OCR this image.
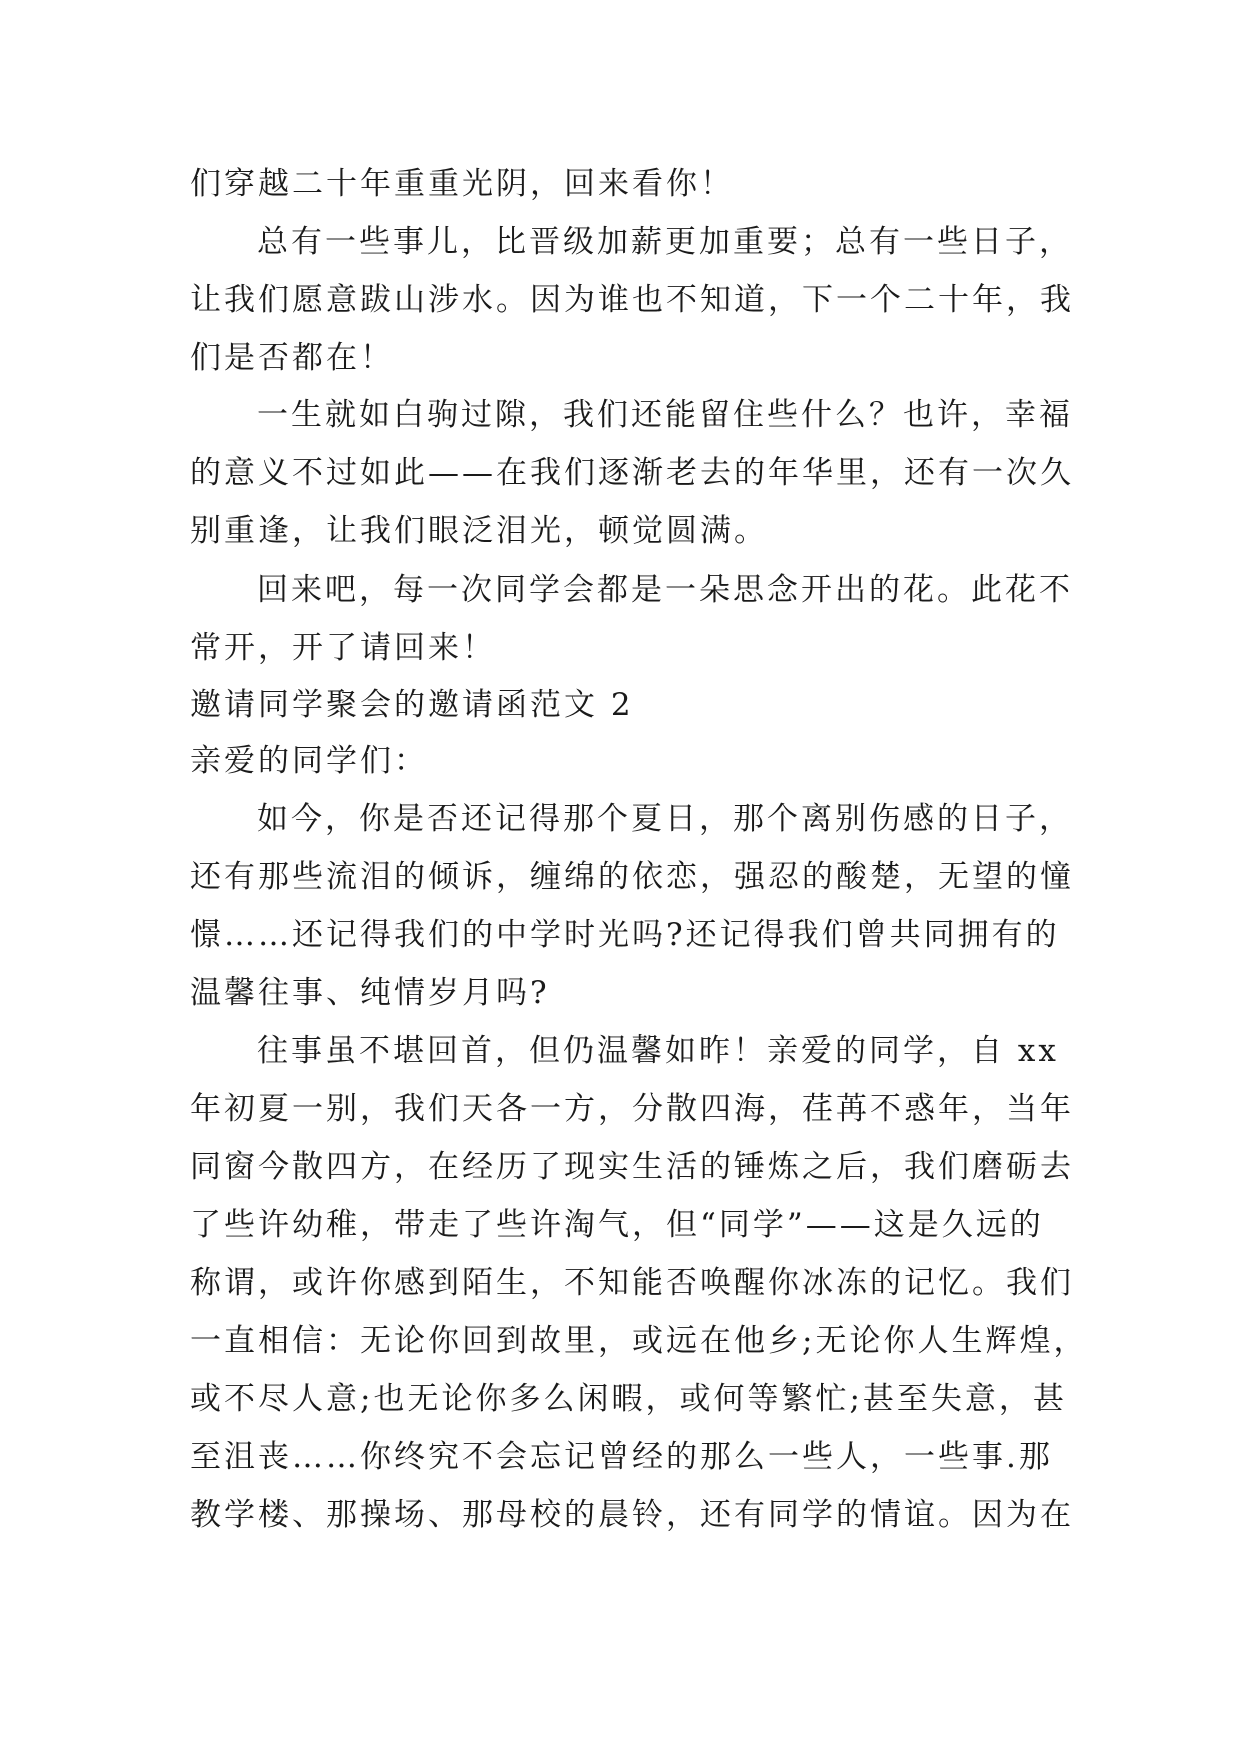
们穿越二十年重重光阴，回来看你！
总有一些事儿，比晋级加薪更加重要；总有一些日子，
让我们愿意跋山涉水。因为谁也不知道，下一个二十年，我
们是否都在！
一生就如白驹过隙，我们还能留住些什么？也许，幸福
的意义不过如此——在我们逐渐老去的年华里，还有一次久
别重逢，让我们眼泛泪光，顿觉圆满。
回来吧，每一次同学会都是一朵思念开出的花。此花不
常开，开了请回来！
邀请同学聚会的邀请函范文 2
亲爱的同学们：
如今，你是否还记得那个夏日，那个离别伤感的日子，
还有那些流泪的倾诉，缠绵的依恋，强忍的酸楚，无望的憧
憬……还记得我们的中学时光吗?还记得我们曾共同拥有的
温馨往事、纯情岁月吗?
往事虽不堪回首，但仍温馨如昨！亲爱的同学，自 xx
年初夏一别，我们天各一方，分散四海，荏苒不惑年，当年
同窗今散四方，在经历了现实生活的锤炼之后，我们磨砺去
了些许幼稚，带走了些许淘气，但“同学”——这是久远的
称谓，或许你感到陌生，不知能否唤醒你冰冻的记忆。我们
一直相信：无论你回到故里，或远在他乡;无论你人生辉煌，
或不尽人意;也无论你多么闲暇，或何等繁忙;甚至失意，甚
至沮丧……你终究不会忘记曾经的那么一些人，一些事.那
教学楼、那操场、那母校的晨铃，还有同学的情谊。因为在
